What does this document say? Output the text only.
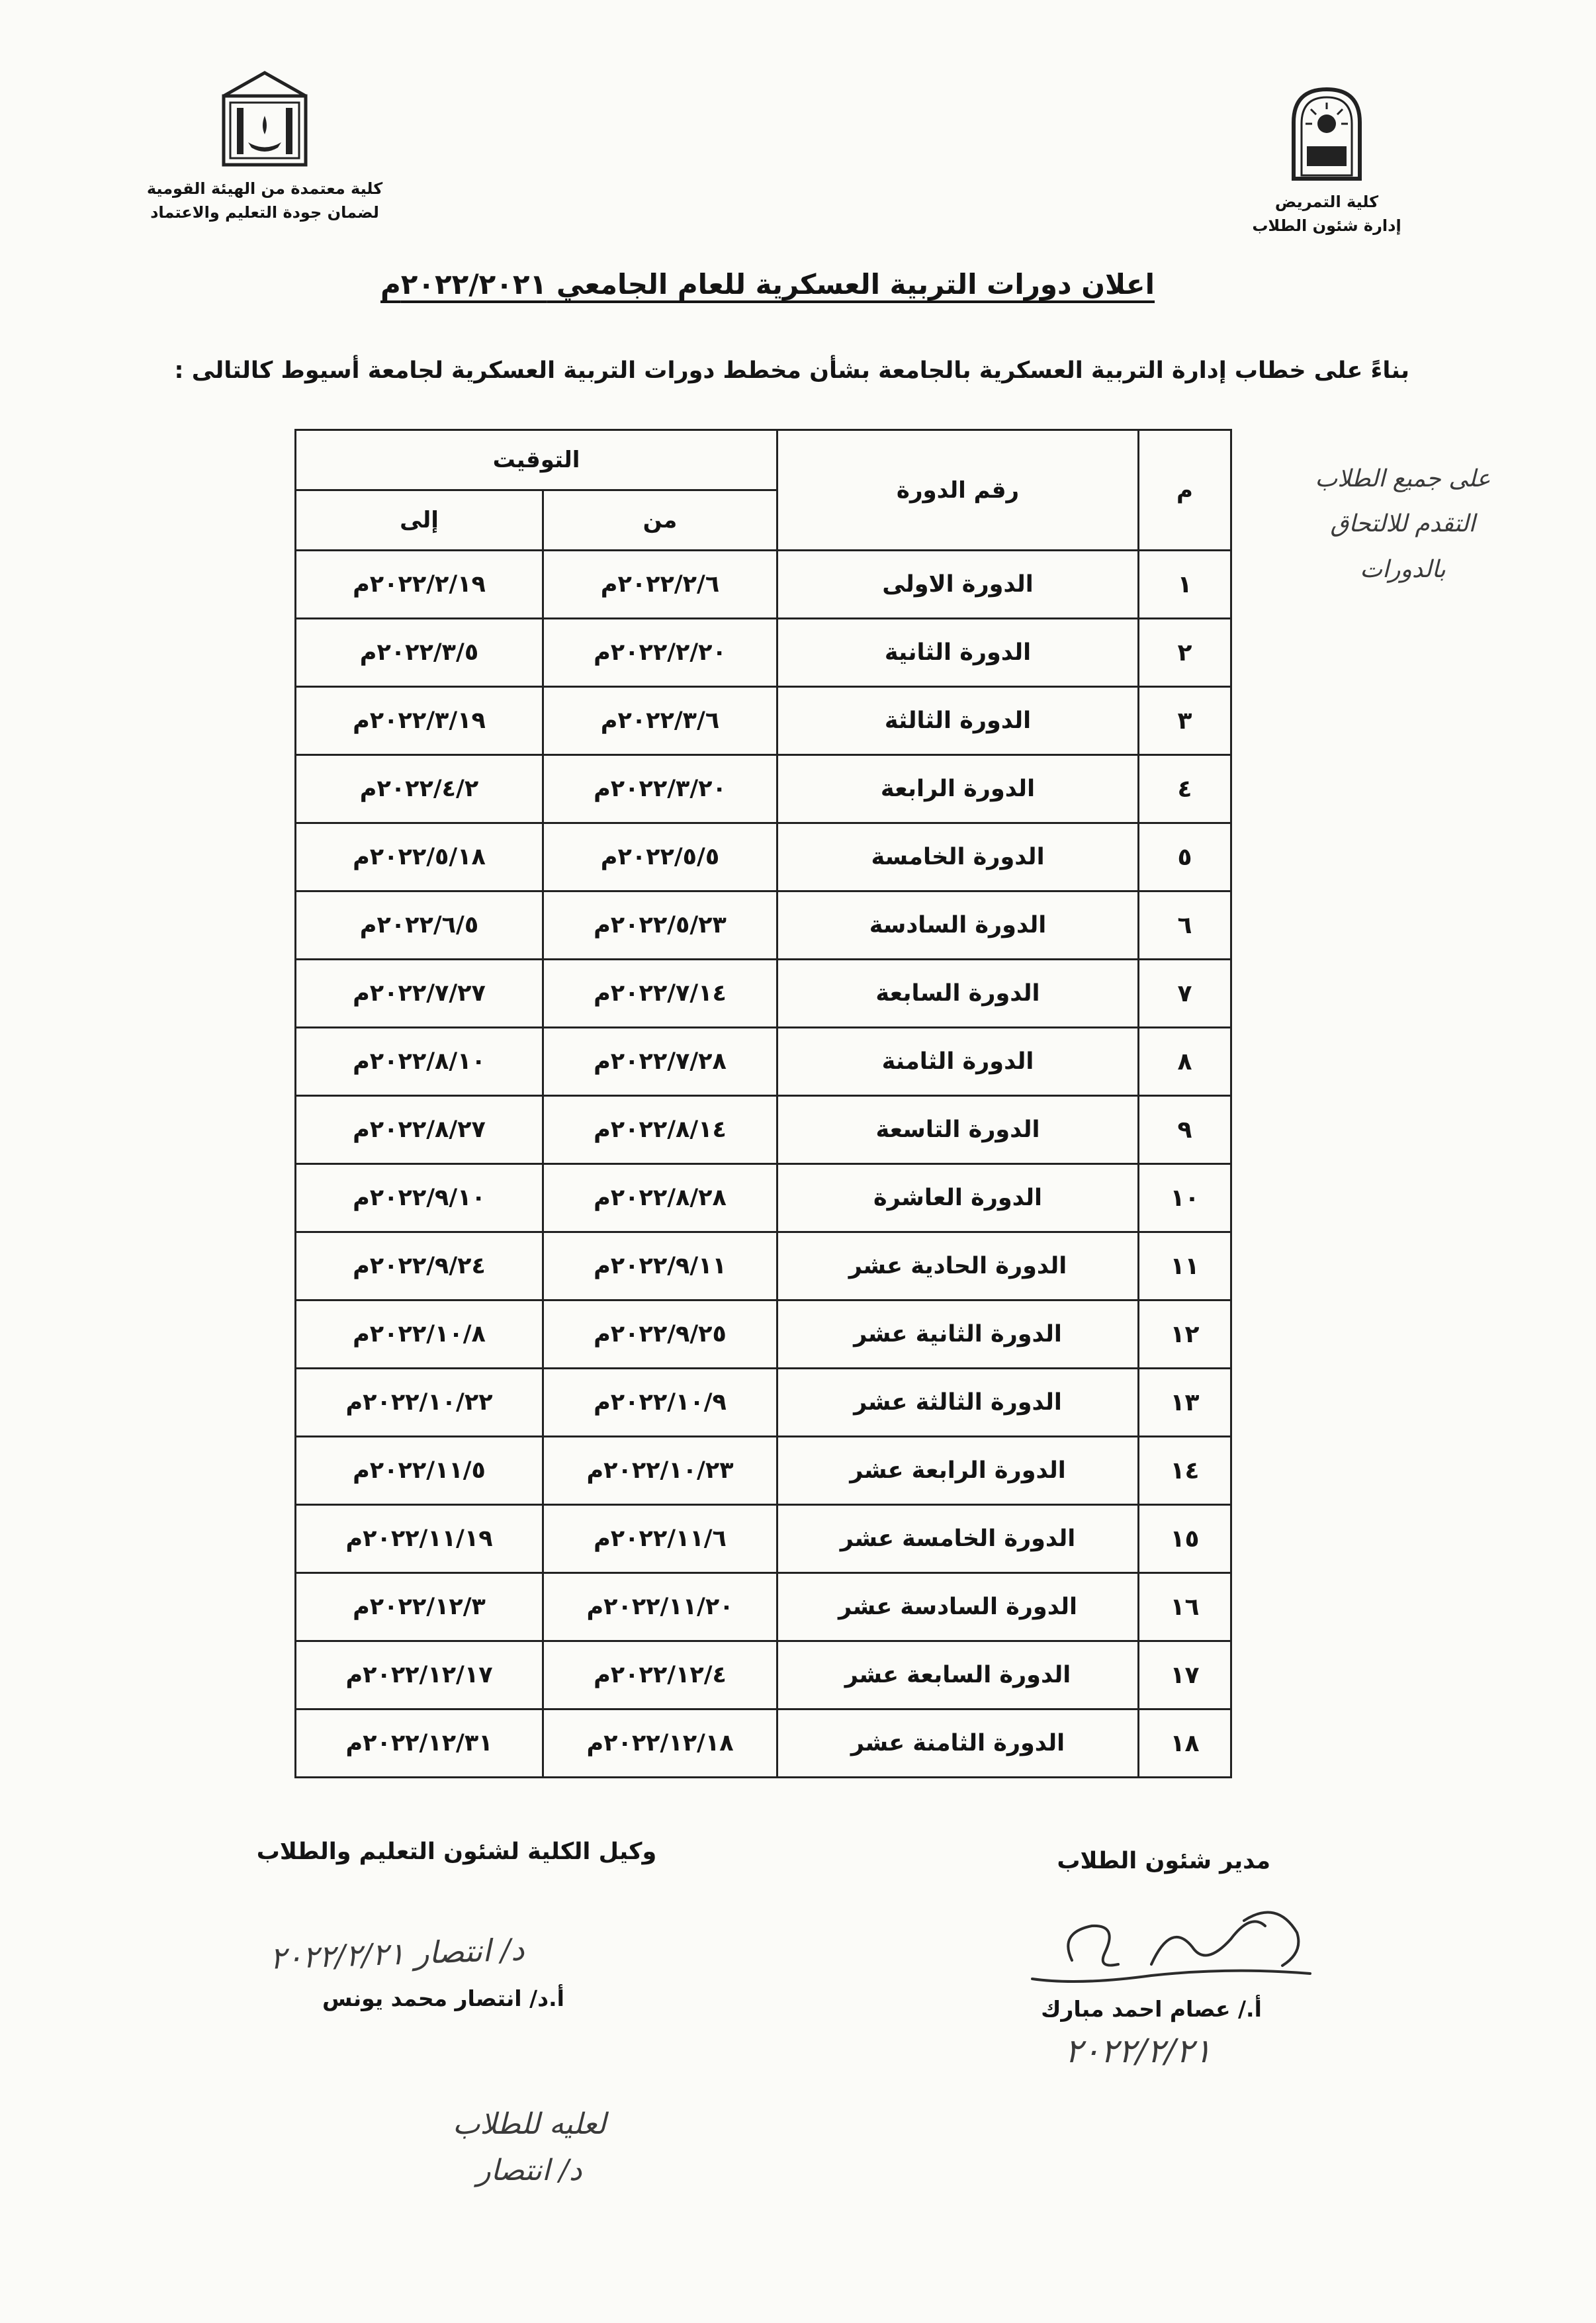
كلية معتمدة من الهيئة القومية
لضمان جودة التعليم والاعتماد
كلية التمريض
إدارة شئون الطلاب
اعلان دورات التربية العسكرية للعام الجامعي ٢٠٢٢/٢٠٢١م
بناءً على خطاب إدارة التربية العسكرية بالجامعة بشأن مخطط دورات التربية العسكرية لجامعة أسيوط كالتالى :
على جميع الطلاب
التقدم للالتحاق
بالدورات
م	رقم الدورة	التوقيت	
		من	إلى
١	الدورة الاولى	٢٠٢٢/٢/٦م	٢٠٢٢/٢/١٩م
٢	الدورة الثانية	٢٠٢٢/٢/٢٠م	٢٠٢٢/٣/٥م
٣	الدورة الثالثة	٢٠٢٢/٣/٦م	٢٠٢٢/٣/١٩م
٤	الدورة الرابعة	٢٠٢٢/٣/٢٠م	٢٠٢٢/٤/٢م
٥	الدورة الخامسة	٢٠٢٢/٥/٥م	٢٠٢٢/٥/١٨م
٦	الدورة السادسة	٢٠٢٢/٥/٢٣م	٢٠٢٢/٦/٥م
٧	الدورة السابعة	٢٠٢٢/٧/١٤م	٢٠٢٢/٧/٢٧م
٨	الدورة الثامنة	٢٠٢٢/٧/٢٨م	٢٠٢٢/٨/١٠م
٩	الدورة التاسعة	٢٠٢٢/٨/١٤م	٢٠٢٢/٨/٢٧م
١٠	الدورة العاشرة	٢٠٢٢/٨/٢٨م	٢٠٢٢/٩/١٠م
١١	الدورة الحادية عشر	٢٠٢٢/٩/١١م	٢٠٢٢/٩/٢٤م
١٢	الدورة الثانية عشر	٢٠٢٢/٩/٢٥م	٢٠٢٢/١٠/٨م
١٣	الدورة الثالثة عشر	٢٠٢٢/١٠/٩م	٢٠٢٢/١٠/٢٢م
١٤	الدورة الرابعة عشر	٢٠٢٢/١٠/٢٣م	٢٠٢٢/١١/٥م
١٥	الدورة الخامسة عشر	٢٠٢٢/١١/٦م	٢٠٢٢/١١/١٩م
١٦	الدورة السادسة عشر	٢٠٢٢/١١/٢٠م	٢٠٢٢/١٢/٣م
١٧	الدورة السابعة عشر	٢٠٢٢/١٢/٤م	٢٠٢٢/١٢/١٧م
١٨	الدورة الثامنة عشر	٢٠٢٢/١٢/١٨م	٢٠٢٢/١٢/٣١م
مدير شئون الطلاب
وكيل الكلية لشئون التعليم والطلاب
أ./ عصام احمد مبارك
أ.د/ انتصار محمد يونس
٢٠٢٢/٢/٢١
د/ انتصار ٢٠٢٢/٢/٢١
لعليه للطلاب
د/ انتصار
